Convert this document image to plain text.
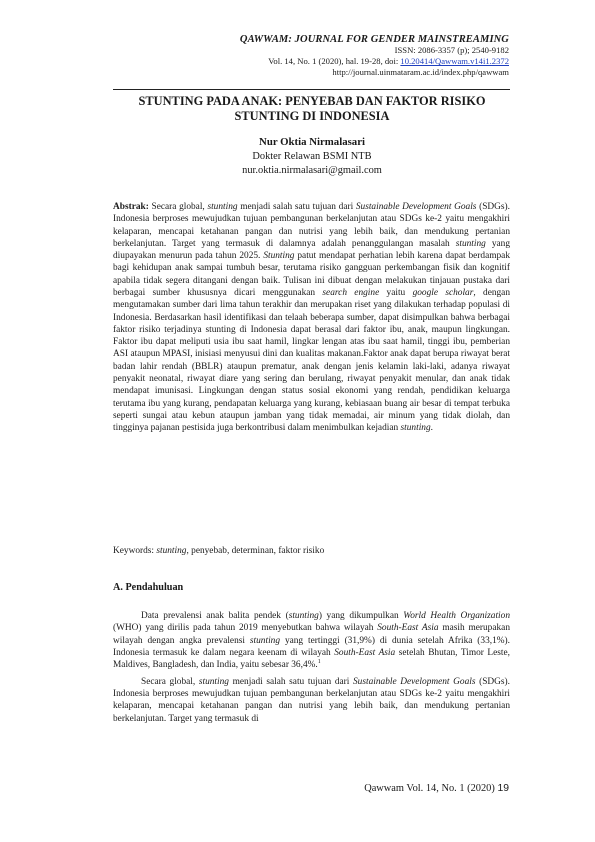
QAWWAM: JOURNAL FOR GENDER MAINSTREAMING
ISSN: 2086-3357 (p); 2540-9182
Vol. 14, No. 1 (2020), hal. 19-28, doi: 10.20414/Qawwam.v14i1.2372
http://journal.uinmataram.ac.id/index.php/qawwam
STUNTING PADA ANAK: PENYEBAB DAN FAKTOR RISIKO
STUNTING DI INDONESIA
Nur Oktia Nirmalasari
Dokter Relawan BSMI NTB
nur.oktia.nirmalasari@gmail.com
Abstrak: Secara global, stunting menjadi salah satu tujuan dari Sustainable Development Goals (SDGs). Indonesia berproses mewujudkan tujuan pembangunan berkelanjutan atau SDGs ke-2 yaitu mengakhiri kelaparan, mencapai ketahanan pangan dan nutrisi yang lebih baik, dan mendukung pertanian berkelanjutan. Target yang termasuk di dalamnya adalah penanggulangan masalah stunting yang diupayakan menurun pada tahun 2025. Stunting patut mendapat perhatian lebih karena dapat berdampak bagi kehidupan anak sampai tumbuh besar, terutama risiko gangguan perkembangan fisik dan kognitif apabila tidak segera ditangani dengan baik. Tulisan ini dibuat dengan melakukan tinjauan pustaka dari berbagai sumber khususnya dicari menggunakan search engine yaitu google scholar, dengan mengutamakan sumber dari lima tahun terakhir dan merupakan riset yang dilakukan terhadap populasi di Indonesia. Berdasarkan hasil identifikasi dan telaah beberapa sumber, dapat disimpulkan bahwa berbagai faktor risiko terjadinya stunting di Indonesia dapat berasal dari faktor ibu, anak, maupun lingkungan. Faktor ibu dapat meliputi usia ibu saat hamil, lingkar lengan atas ibu saat hamil, tinggi ibu, pemberian ASI ataupun MPASI, inisiasi menyusui dini dan kualitas makanan.Faktor anak dapat berupa riwayat berat badan lahir rendah (BBLR) ataupun prematur, anak dengan jenis kelamin laki-laki, adanya riwayat penyakit neonatal, riwayat diare yang sering dan berulang, riwayat penyakit menular, dan anak tidak mendapat imunisasi. Lingkungan dengan status sosial ekonomi yang rendah, pendidikan keluarga terutama ibu yang kurang, pendapatan keluarga yang kurang, kebiasaan buang air besar di tempat terbuka seperti sungai atau kebun ataupun jamban yang tidak memadai, air minum yang tidak diolah, dan tingginya pajanan pestisida juga berkontribusi dalam menimbulkan kejadian stunting.
Keywords: stunting, penyebab, determinan, faktor risiko
A. Pendahuluan

Data prevalensi anak balita pendek (stunting) yang dikumpulkan World Health Organization (WHO) yang dirilis pada tahun 2019 menyebutkan bahwa wilayah South-East Asia masih merupakan wilayah dengan angka prevalensi stunting yang tertinggi (31,9%) di dunia setelah Afrika (33,1%). Indonesia termasuk ke dalam negara keenam di wilayah South-East Asia setelah Bhutan, Timor Leste, Maldives, Bangladesh, dan India, yaitu sebesar 36,4%.$^1$

Secara global, stunting menjadi salah satu tujuan dari Sustainable Development Goals (SDGs). Indonesia berproses mewujudkan tujuan pembangunan berkelanjutan atau SDGs ke-2 yaitu mengakhiri kelaparan, mencapai ketahanan pangan dan nutrisi yang lebih baik, dan mendukung pertanian berkelanjutan. Target yang termasuk di

Qawwam Vol. 14, No. 1 (2020) 19
